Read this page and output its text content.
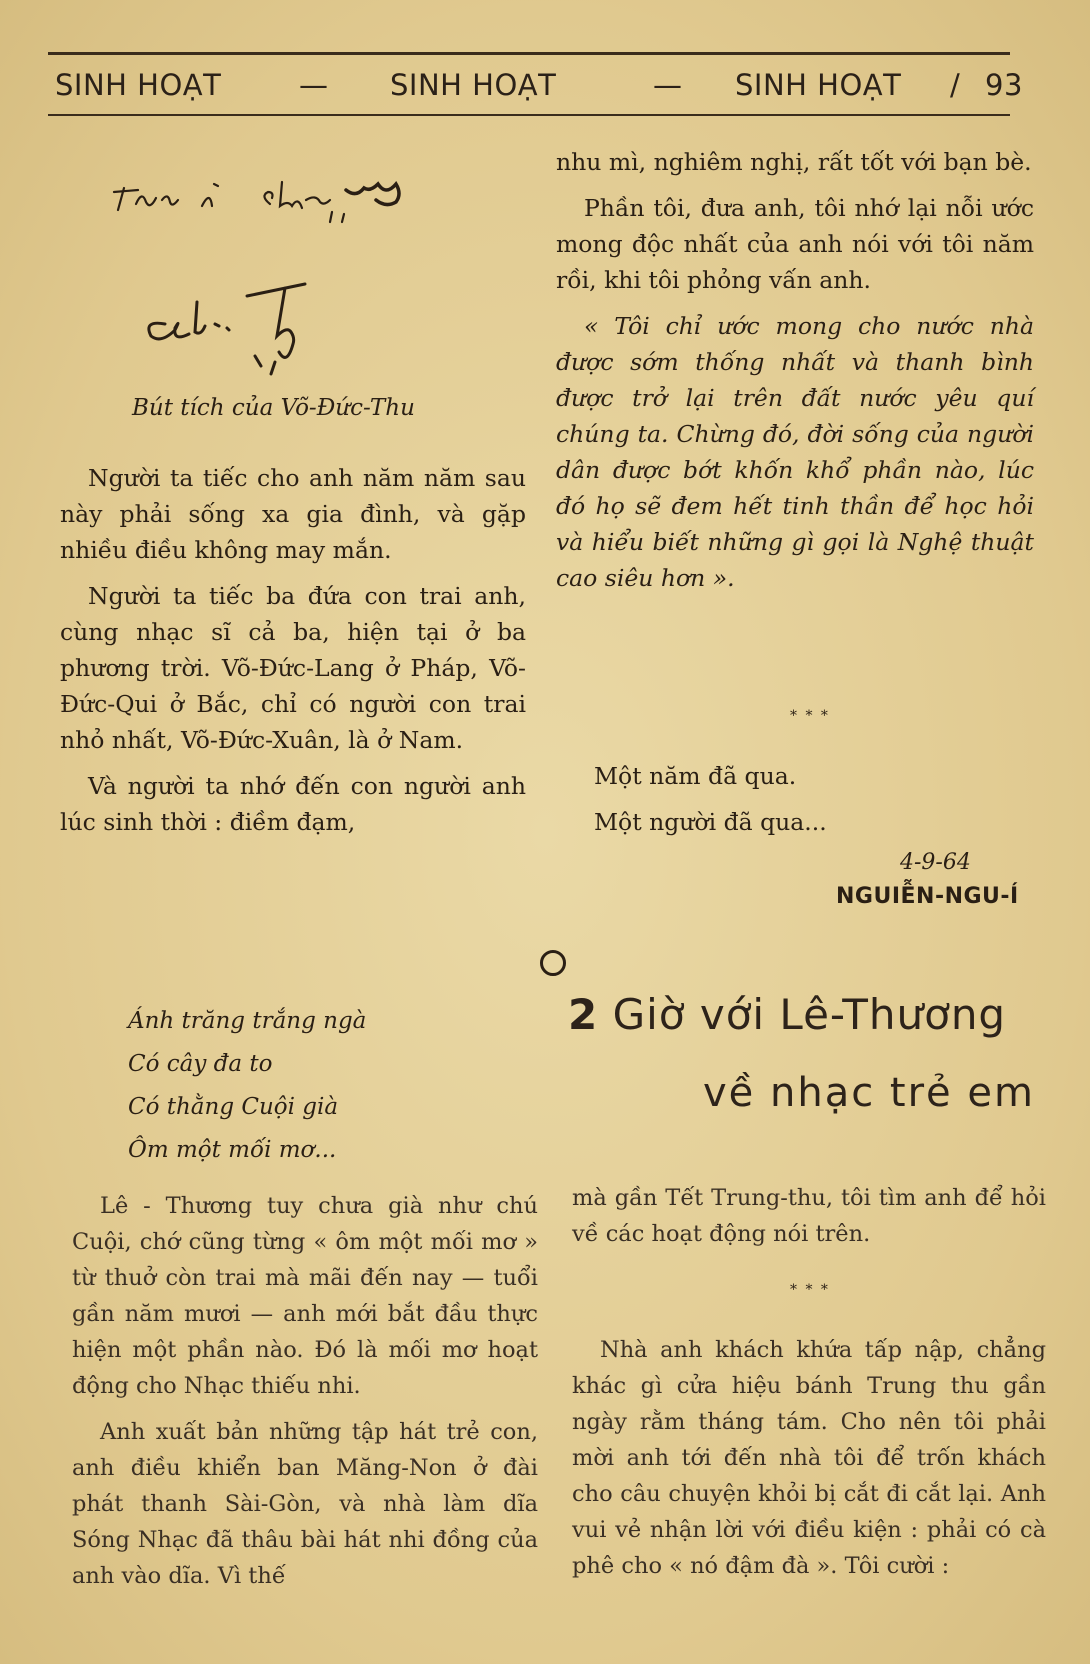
SINH HOẠT	— SINH HOẠT	— SINH HOẠT / 93
Bút tích của Võ-Đức-Thu

Người ta tiếc cho anh năm năm sau này phải sống xa gia đình, và gặp nhiều điều không may mắn.

Người ta tiếc ba đứa con trai anh, cùng nhạc sĩ cả ba, hiện tại ở ba phương trời. Võ-Đức-Lang ở Pháp, Võ-Đức-Qui ở Bắc, chỉ có người con trai nhỏ nhất, Võ-Đức-Xuân, là ở Nam.

Và người ta nhớ đến con người anh lúc sinh thời : điềm đạm,

nhu mì, nghiêm nghị, rất tốt với bạn bè.

Phần tôi, đưa anh, tôi nhớ lại nỗi ước mong độc nhất của anh nói với tôi năm rồi, khi tôi phỏng vấn anh.

« Tôi chỉ ước mong cho nước nhà được sớm thống nhất và thanh bình được trở lại trên đất nước yêu quí chúng ta. Chừng đó, đời sống của người dân được bớt khốn khổ phần nào, lúc đó họ sẽ đem hết tinh thần để học hỏi và hiểu biết những gì gọi là Nghệ thuật cao siêu hơn ».

* * *

Một năm đã qua.

Một người đã qua...

4-9-64
NGUIỄN-NGU-Í
2 Giờ với Lê-Thương
về nhạc trẻ em
Ánh trăng trắng ngà
Có cây đa to
Có thằng Cuội già
Ôm một mối mơ...

Lê - Thương tuy chưa già như chú Cuội, chớ cũng từng « ôm một mối mơ » từ thuở còn trai mà mãi đến nay — tuổi gần năm mươi — anh mới bắt đầu thực hiện một phần nào. Đó là mối mơ hoạt động cho Nhạc thiếu nhi.

Anh xuất bản những tập hát trẻ con, anh điều khiển ban Măng-Non ở đài phát thanh Sài-Gòn, và nhà làm dĩa Sóng Nhạc đã thâu bài hát nhi đồng của anh vào dĩa. Vì thế

mà gần Tết Trung-thu, tôi tìm anh để hỏi về các hoạt động nói trên.

* * *

Nhà anh khách khứa tấp nập, chẳng khác gì cửa hiệu bánh Trung thu gần ngày rằm tháng tám. Cho nên tôi phải mời anh tới đến nhà tôi để trốn khách cho câu chuyện khỏi bị cắt đi cắt lại. Anh vui vẻ nhận lời với điều kiện : phải có cà phê cho « nó đậm đà ». Tôi cười :
